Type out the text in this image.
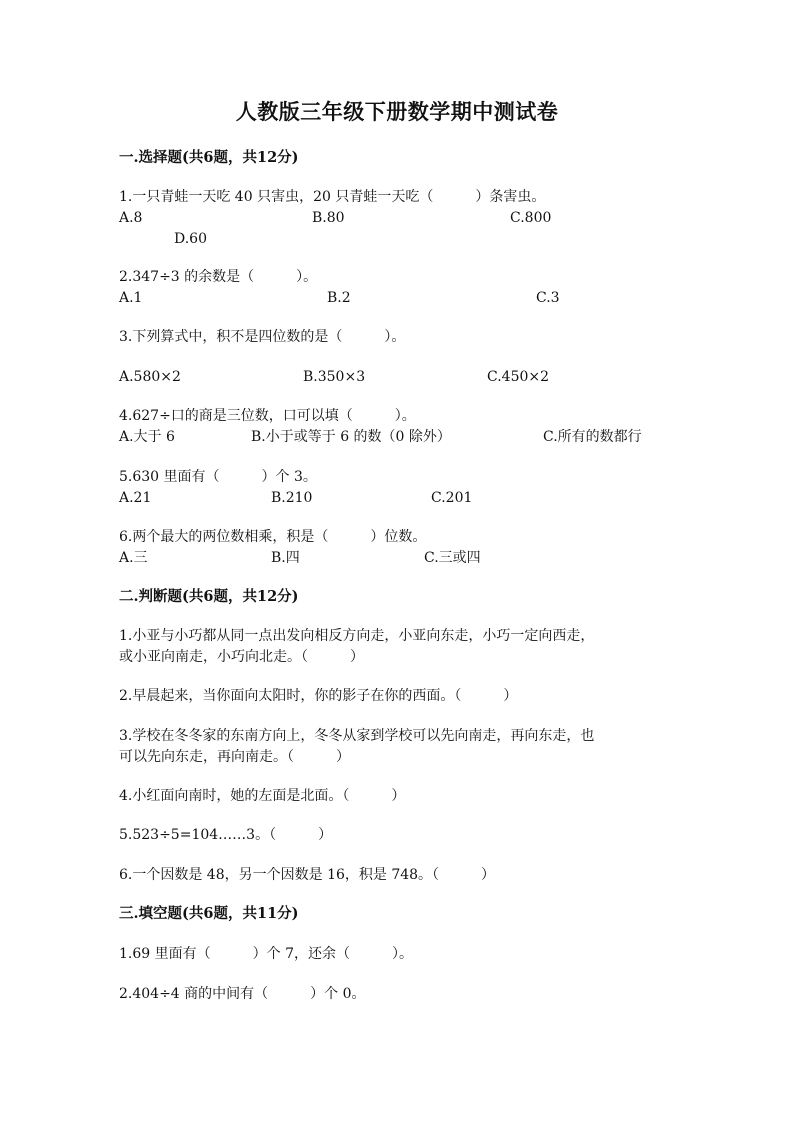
人教版三年级下册数学期中测试卷
一.选择题(共6题，共12分)
1.一只青蛙一天吃 40 只害虫，20 只青蛙一天吃（　　　）条害虫。
A.8	B.80	C.800
D.60
2.347÷3 的余数是（　　　）。
A.1	B.2	C.3
3.下列算式中，积不是四位数的是（　　　）。
A.580×2	B.350×3	C.450×2
4.627÷口的商是三位数，口可以填（　　　）。
A.大于 6	B.小于或等于 6 的数（0 除外）	C.所有的数都行
5.630 里面有（　　　）个 3。
A.21	B.210	C.201
6.两个最大的两位数相乘，积是（　　　）位数。
A.三	B.四	C.三或四
二.判断题(共6题，共12分)
1.小亚与小巧都从同一点出发向相反方向走，小亚向东走，小巧一定向西走，
或小亚向南走，小巧向北走。（　　　）
2.早晨起来，当你面向太阳时，你的影子在你的西面。（　　　）
3.学校在冬冬家的东南方向上，冬冬从家到学校可以先向南走，再向东走，也
可以先向东走，再向南走。（　　　）
4.小红面向南时，她的左面是北面。（　　　）
5.523÷5=104……3。（　　　）
6.一个因数是 48，另一个因数是 16，积是 748。（　　　）
三.填空题(共6题，共11分)
1.69 里面有（　　　）个 7，还余（　　　）。
2.404÷4 商的中间有（　　　）个 0。
